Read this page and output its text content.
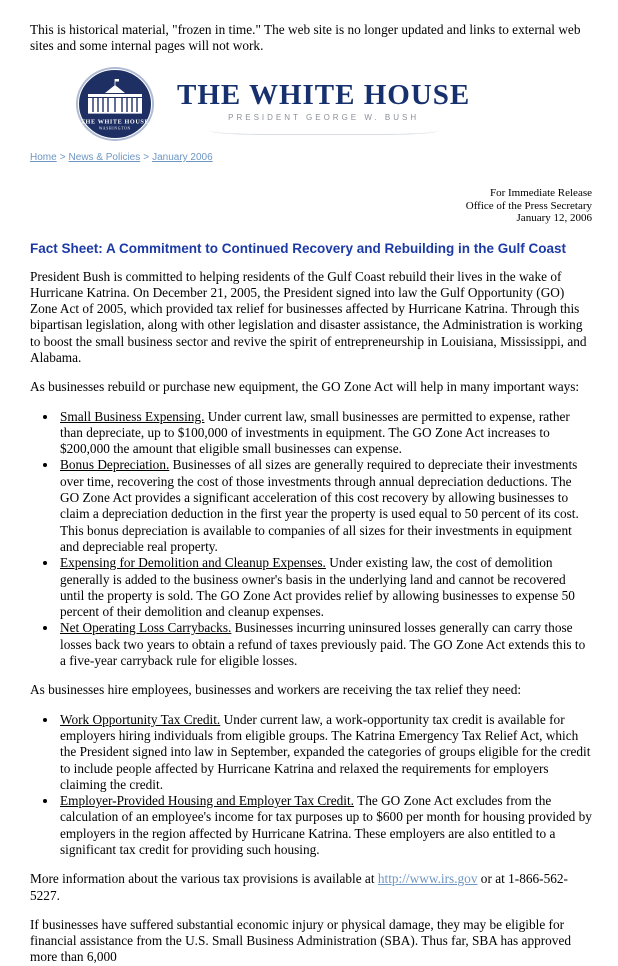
This is historical material, "frozen in time." The web site is no longer updated and links to external web sites and some internal pages will not work.

THE WHITE HOUSE
WASHINGTON
THE WHITE HOUSE
PRESIDENT GEORGE W. BUSH
Home > News & Policies > January 2006
For Immediate Release
Office of the Press Secretary
January 12, 2006
Fact Sheet: A Commitment to Continued Recovery and Rebuilding in the Gulf Coast

President Bush is committed to helping residents of the Gulf Coast rebuild their lives in the wake of Hurricane Katrina. On December 21, 2005, the President signed into law the Gulf Opportunity (GO) Zone Act of 2005, which provided tax relief for businesses affected by Hurricane Katrina. Through this bipartisan legislation, along with other legislation and disaster assistance, the Administration is working to boost the small business sector and revive the spirit of entrepreneurship in Louisiana, Mississippi, and Alabama.

As businesses rebuild or purchase new equipment, the GO Zone Act will help in many important ways:

• Small Business Expensing. Under current law, small businesses are permitted to expense, rather than depreciate, up to $100,000 of investments in equipment. The GO Zone Act increases to $200,000 the amount that eligible small businesses can expense.
• Bonus Depreciation. Businesses of all sizes are generally required to depreciate their investments over time, recovering the cost of those investments through annual depreciation deductions. The GO Zone Act provides a significant acceleration of this cost recovery by allowing businesses to claim a depreciation deduction in the first year the property is used equal to 50 percent of its cost. This bonus depreciation is available to companies of all sizes for their investments in equipment and depreciable real property.
• Expensing for Demolition and Cleanup Expenses. Under existing law, the cost of demolition generally is added to the business owner's basis in the underlying land and cannot be recovered until the property is sold. The GO Zone Act provides relief by allowing businesses to expense 50 percent of their demolition and cleanup expenses.
• Net Operating Loss Carrybacks. Businesses incurring uninsured losses generally can carry those losses back two years to obtain a refund of taxes previously paid. The GO Zone Act extends this to a five-year carryback rule for eligible losses.

As businesses hire employees, businesses and workers are receiving the tax relief they need:

• Work Opportunity Tax Credit. Under current law, a work-opportunity tax credit is available for employers hiring individuals from eligible groups. The Katrina Emergency Tax Relief Act, which the President signed into law in September, expanded the categories of groups eligible for the credit to include people affected by Hurricane Katrina and relaxed the requirements for employers claiming the credit.
• Employer-Provided Housing and Employer Tax Credit. The GO Zone Act excludes from the calculation of an employee's income for tax purposes up to $600 per month for housing provided by employers in the region affected by Hurricane Katrina. These employers are also entitled to a significant tax credit for providing such housing.

More information about the various tax provisions is available at http://www.irs.gov or at 1-866-562-5227.

If businesses have suffered substantial economic injury or physical damage, they may be eligible for financial assistance from the U.S. Small Business Administration (SBA). Thus far, SBA has approved more than 6,000
